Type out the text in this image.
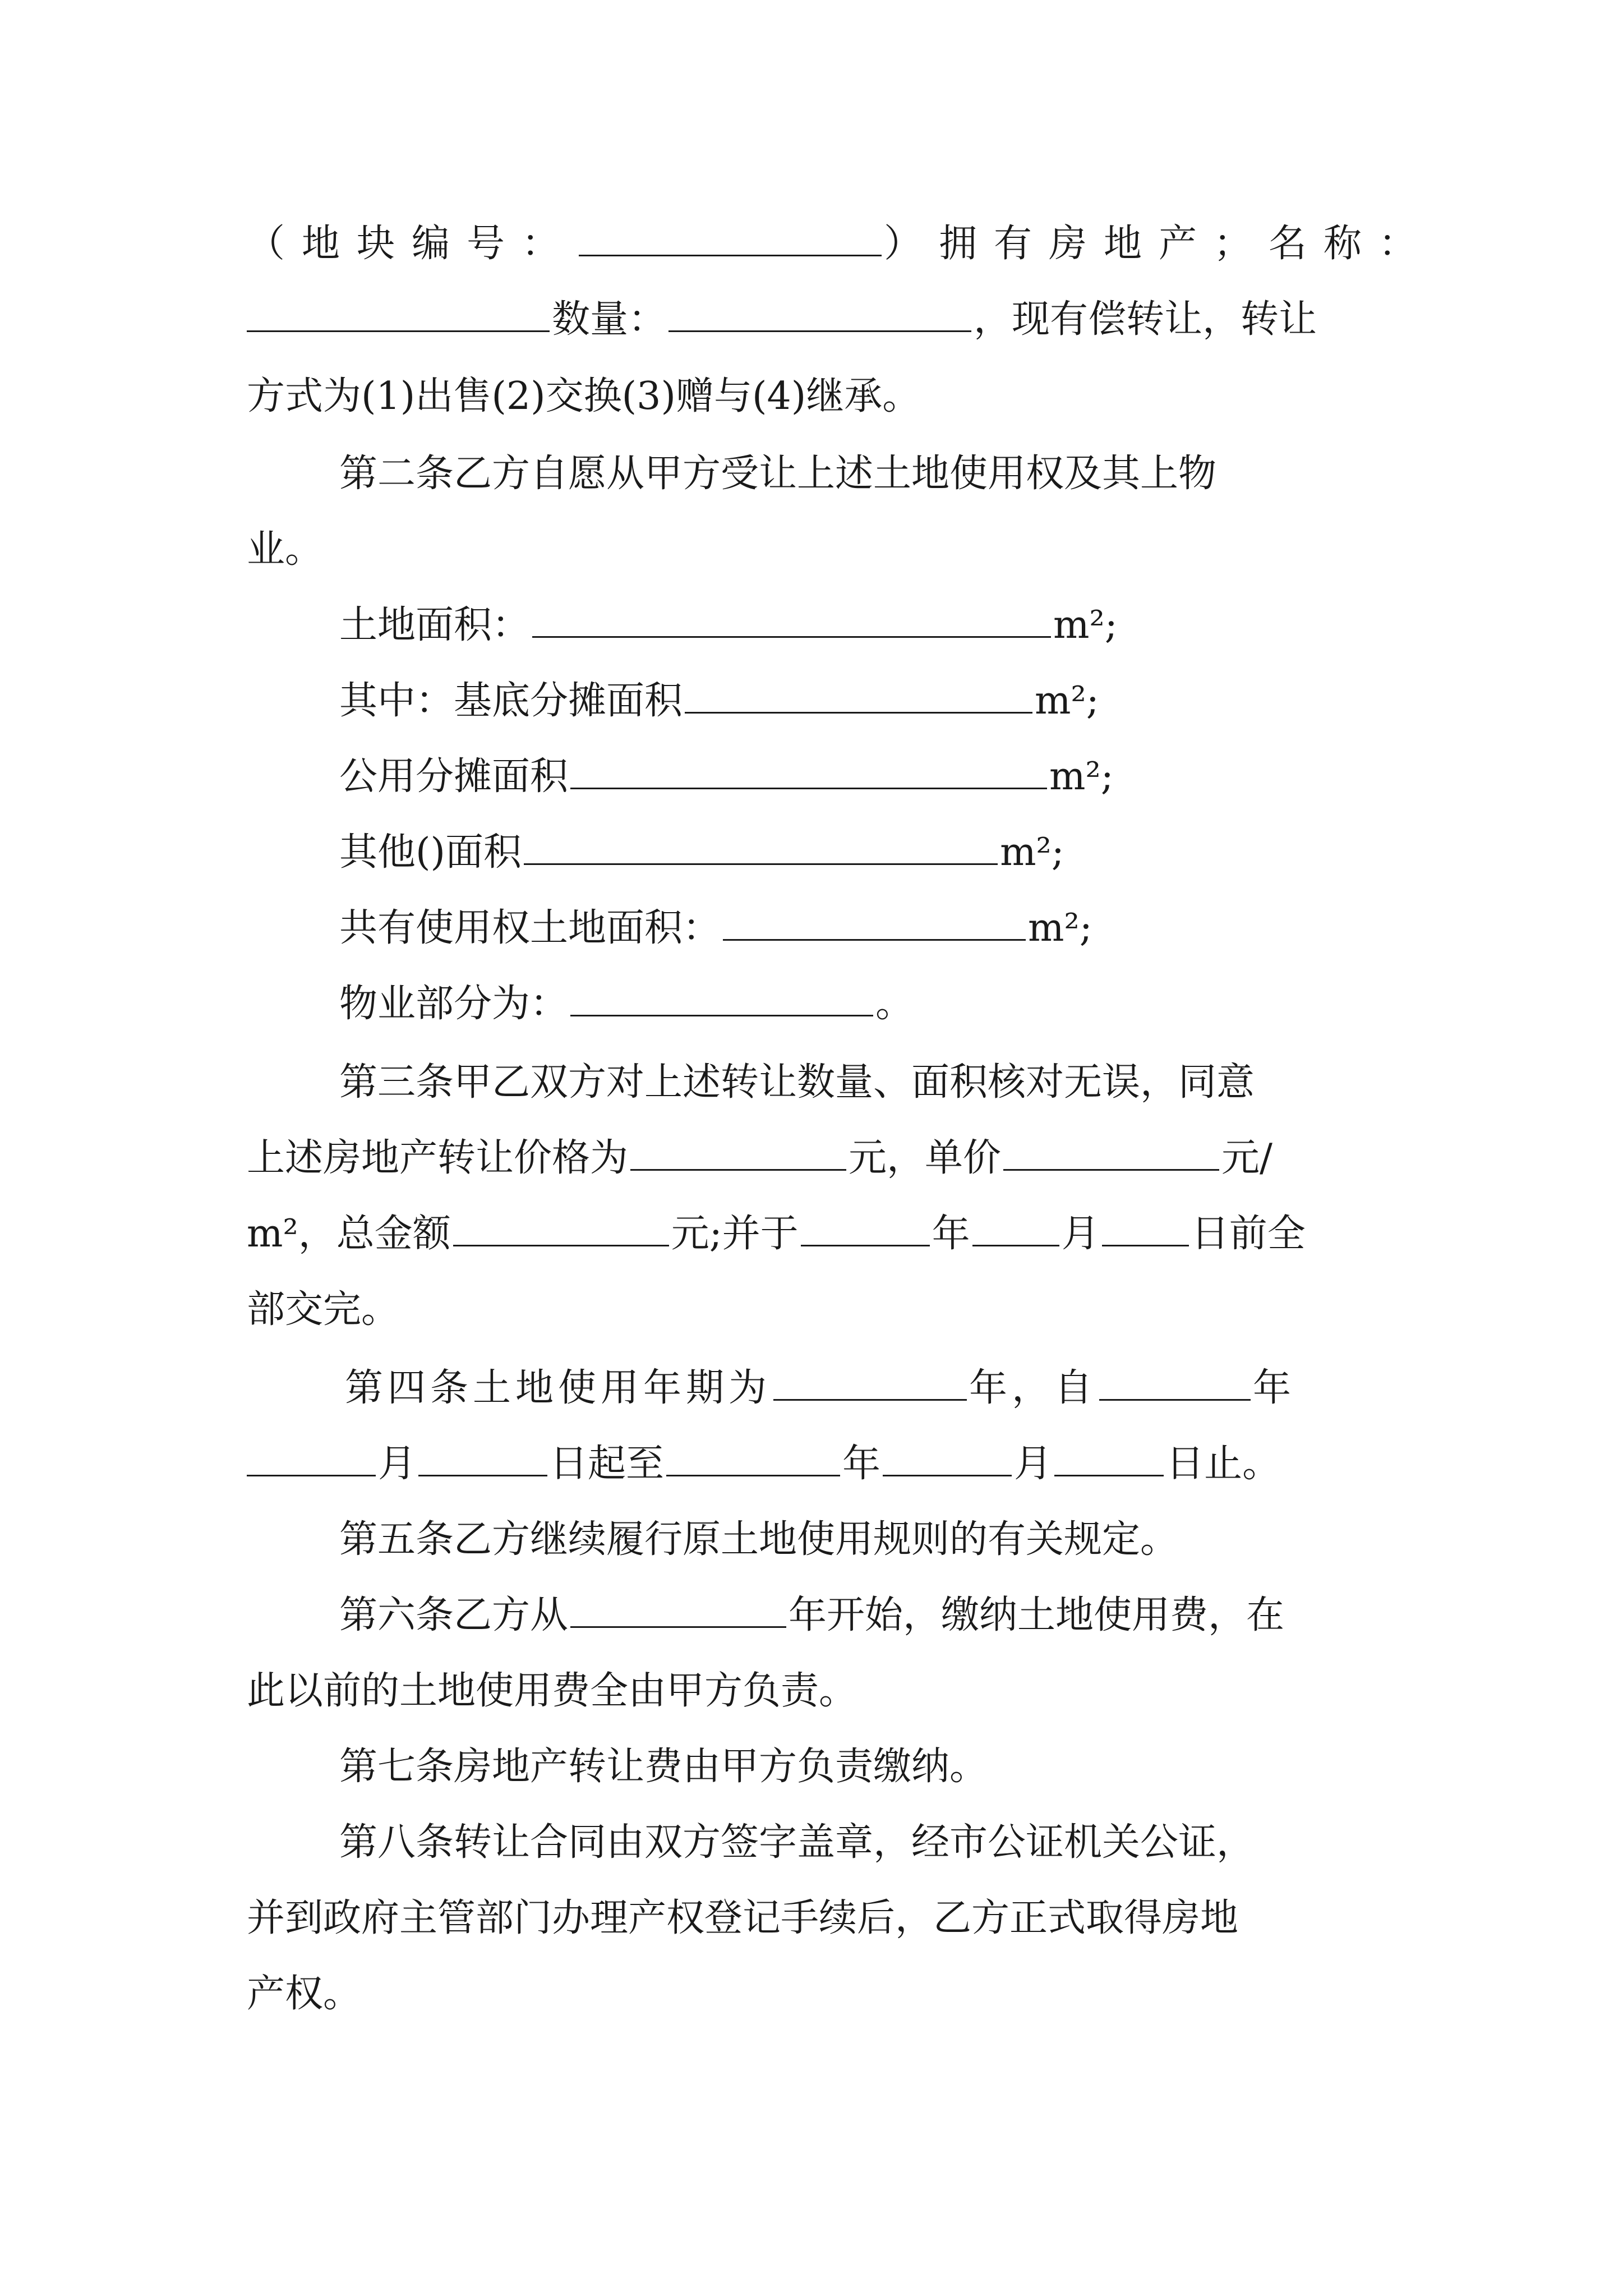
（地块编号：	）拥有房地产；名称：
数量：	，现有偿转让，转让
方式为(1)出售(2)交换(3)赠与(4)继承。
第二条乙方自愿从甲方受让上述土地使用权及其上物
业。
土地面积：	m²;
其中：基底分摊面积	m²;
公用分摊面积	m²;
其他()面积	m²;
共有使用权土地面积：	m²;
物业部分为：	。
第三条甲乙双方对上述转让数量、面积核对无误，同意
上述房地产转让价格为	元，单价	元/
m²，总金额	元;并于	年 月 日前全
部交完。
第四条土地使用年期为	年，自	年
月	日起至	年	月	日止。
第五条乙方继续履行原土地使用规则的有关规定。
第六条乙方从	年开始，缴纳土地使用费，在
此以前的土地使用费全由甲方负责。
第七条房地产转让费由甲方负责缴纳。
第八条转让合同由双方签字盖章，经市公证机关公证，
并到政府主管部门办理产权登记手续后，乙方正式取得房地
产权。
